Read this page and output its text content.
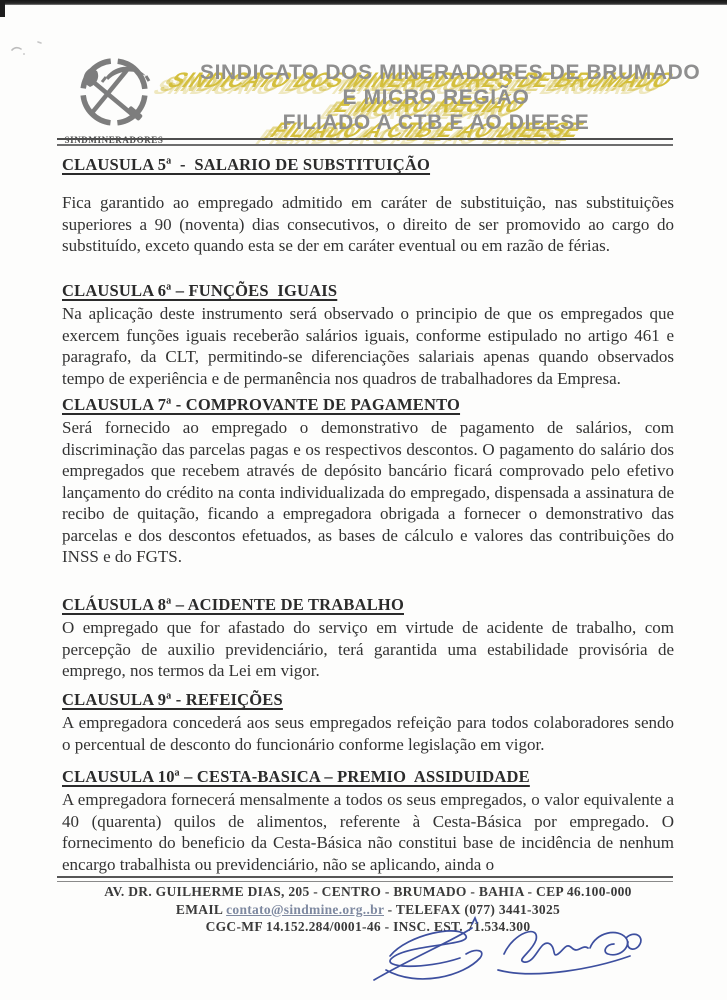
SINDMINERADORES
SINDICATO DOS MINERADORES DE BRUMADO SINDICATO DOS MINERADORES DE BRUMADO
E MICRO REGIÃO E MICRO REGIÃO
FILIADO A CTB E AO DIEESE FILIADO A CTB E AO DIEESE
CLAUSULA 5ª  -  SALARIO DE SUBSTITUIÇÃO
Fica garantido ao empregado admitido em caráter de substituição, nas substituições superiores a 90 (noventa) dias consecutivos, o direito de ser promovido ao cargo do substituído, exceto quando esta se der em caráter eventual ou em razão de férias.
CLAUSULA 6ª – FUNÇÕES  IGUAIS
Na aplicação deste instrumento será observado o principio de que os empregados que exercem funções iguais receberão salários iguais, conforme estipulado no artigo 461 e paragrafo, da CLT, permitindo-se diferenciações salariais apenas quando observados tempo de experiência e de permanência nos quadros de trabalhadores da Empresa.
CLAUSULA 7ª - COMPROVANTE DE PAGAMENTO
Será fornecido ao empregado o demonstrativo de pagamento de salários, com discriminação das parcelas pagas e os respectivos descontos. O pagamento do salário dos empregados que recebem através de depósito bancário ficará comprovado pelo efetivo lançamento do crédito na conta individualizada do empregado, dispensada a assinatura de recibo de quitação, ficando a empregadora obrigada a fornecer o demonstrativo das parcelas e dos descontos efetuados, as bases de cálculo e valores das contribuições do INSS e do FGTS.
CLÁUSULA 8ª – ACIDENTE DE TRABALHO
O empregado que for afastado do serviço em virtude de acidente de trabalho, com percepção de auxilio previdenciário, terá garantida uma estabilidade provisória de emprego, nos termos da Lei em vigor.
CLAUSULA 9ª - REFEIÇÕES
A empregadora concederá aos seus empregados refeição para todos colaboradores sendo o percentual de desconto do funcionário conforme legislação em vigor.
CLAUSULA 10ª – CESTA-BASICA – PREMIO  ASSIDUIDADE
A empregadora fornecerá mensalmente a todos os seus empregados, o valor equivalente a 40 (quarenta) quilos de alimentos, referente à Cesta-Básica por empregado. O fornecimento do beneficio da Cesta-Básica não constitui base de incidência de nenhum encargo trabalhista ou previdenciário, não se aplicando, ainda o
AV. DR. GUILHERME DIAS, 205 - CENTRO - BRUMADO - BAHIA - CEP 46.100-000
EMAIL contato@sindmine.org..br - TELEFAX (077) 3441-3025
CGC-MF 14.152.284/0001-46 - INSC. EST. 71.534.300
